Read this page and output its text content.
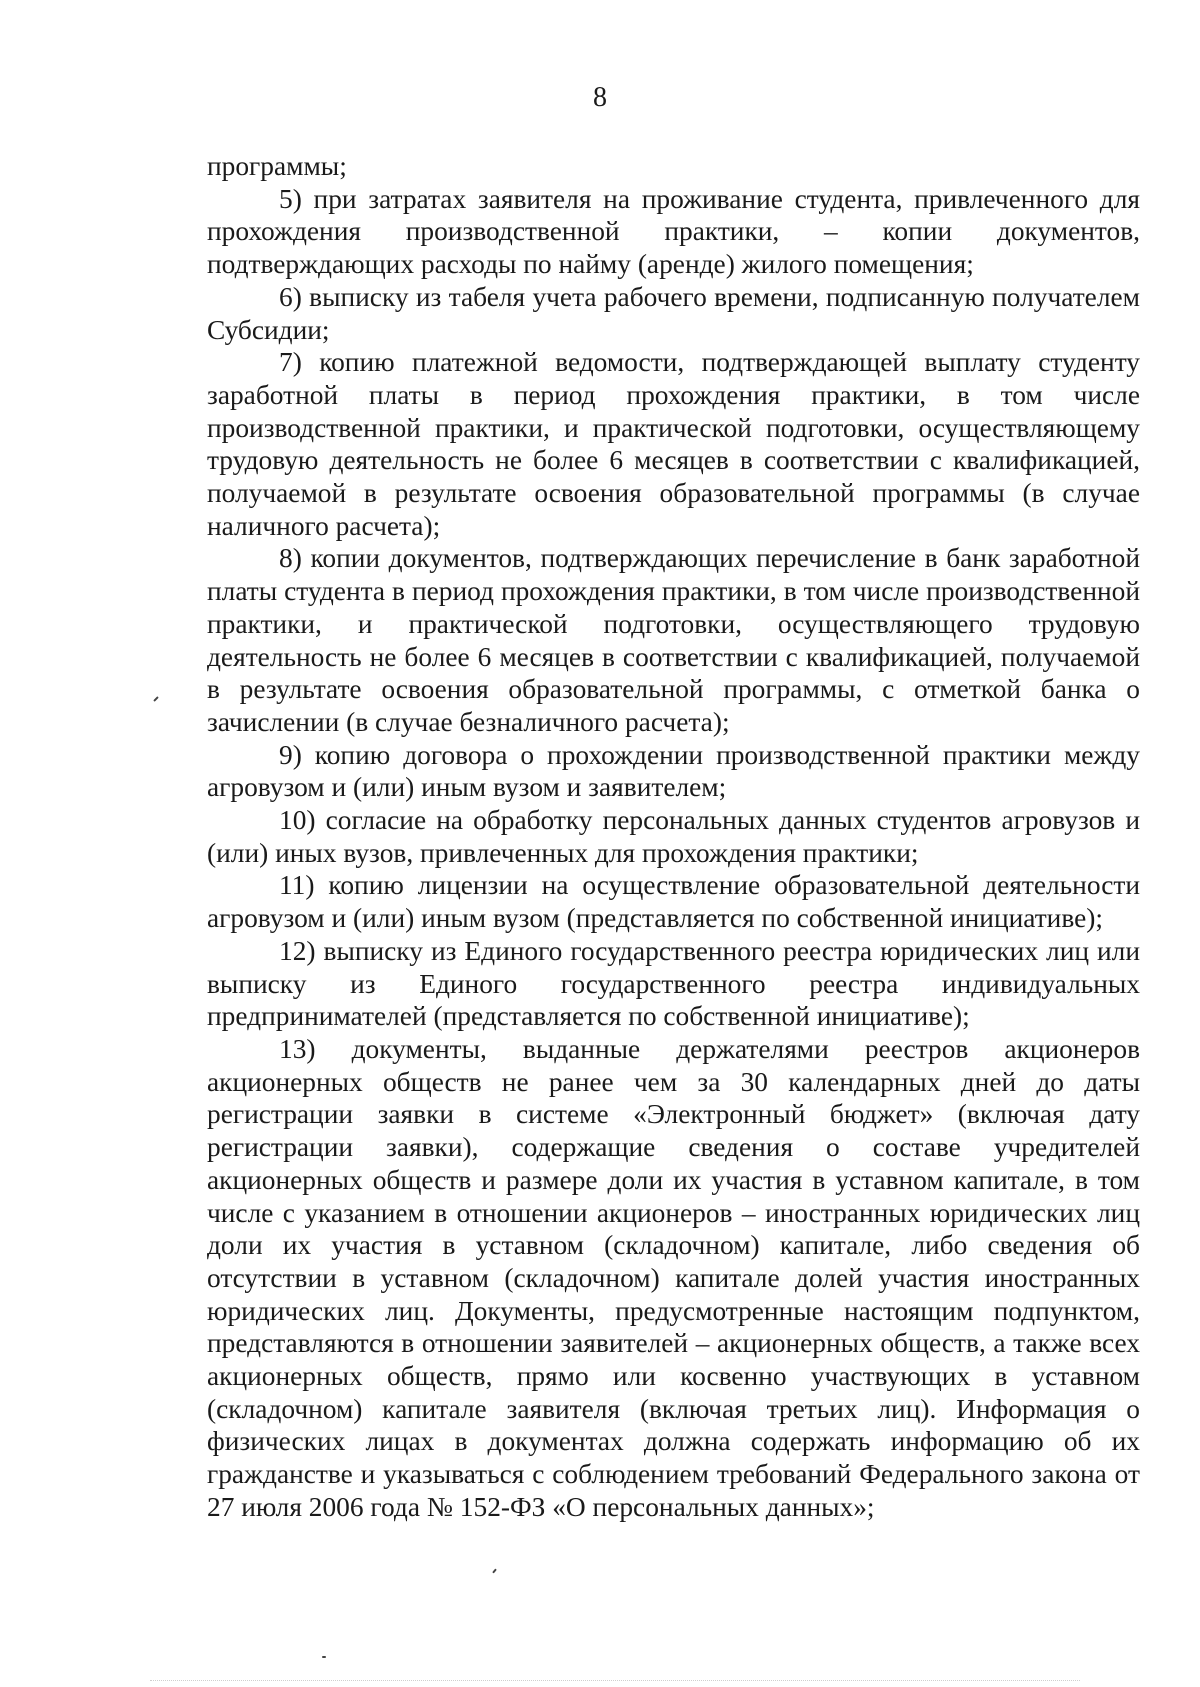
8

программы;

5) при затратах заявителя на проживание студента, привлеченного для прохождения производственной практики, – копии документов, подтверждающих расходы по найму (аренде) жилого помещения;

6) выписку из табеля учета рабочего времени, подписанную получателем Субсидии;

7) копию платежной ведомости, подтверждающей выплату студенту заработной платы в период прохождения практики, в том числе производственной практики, и практической подготовки, осуществляющему трудовую деятельность не более 6 месяцев в соответствии с квалификацией, получаемой в результате освоения образовательной программы (в случае наличного расчета);

8) копии документов, подтверждающих перечисление в банк заработной платы студента в период прохождения практики, в том числе производственной практики, и практической подготовки, осуществляющего трудовую деятельность не более 6 месяцев в соответствии с квалификацией, получаемой в результате освоения образовательной программы, с отметкой банка о зачислении (в случае безналичного расчета);

9) копию договора о прохождении производственной практики между агровузом и (или) иным вузом и заявителем;

10) согласие на обработку персональных данных студентов агровузов и (или) иных вузов, привлеченных для прохождения практики;

11) копию лицензии на осуществление образовательной деятельности агровузом и (или) иным вузом (представляется по собственной инициативе);

12) выписку из Единого государственного реестра юридических лиц или выписку из Единого государственного реестра индивидуальных предпринимателей (представляется по собственной инициативе);

13) документы, выданные держателями реестров акционеров акционерных обществ не ранее чем за 30 календарных дней до даты регистрации заявки в системе «Электронный бюджет» (включая дату регистрации заявки), содержащие сведения о составе учредителей акционерных обществ и размере доли их участия в уставном капитале, в том числе с указанием в отношении акционеров – иностранных юридических лиц доли их участия в уставном (складочном) капитале, либо сведения об отсутствии в уставном (складочном) капитале долей участия иностранных юридических лиц. Документы, предусмотренные настоящим подпунктом, представляются в отношении заявителей – акционерных обществ, а также всех акционерных обществ, прямо или косвенно участвующих в уставном (складочном) капитале заявителя (включая третьих лиц). Информация о физических лицах в документах должна содержать информацию об их гражданстве и указываться с соблюдением требований Федерального закона от 27 июля 2006 года № 152-ФЗ «О персональных данных»;
